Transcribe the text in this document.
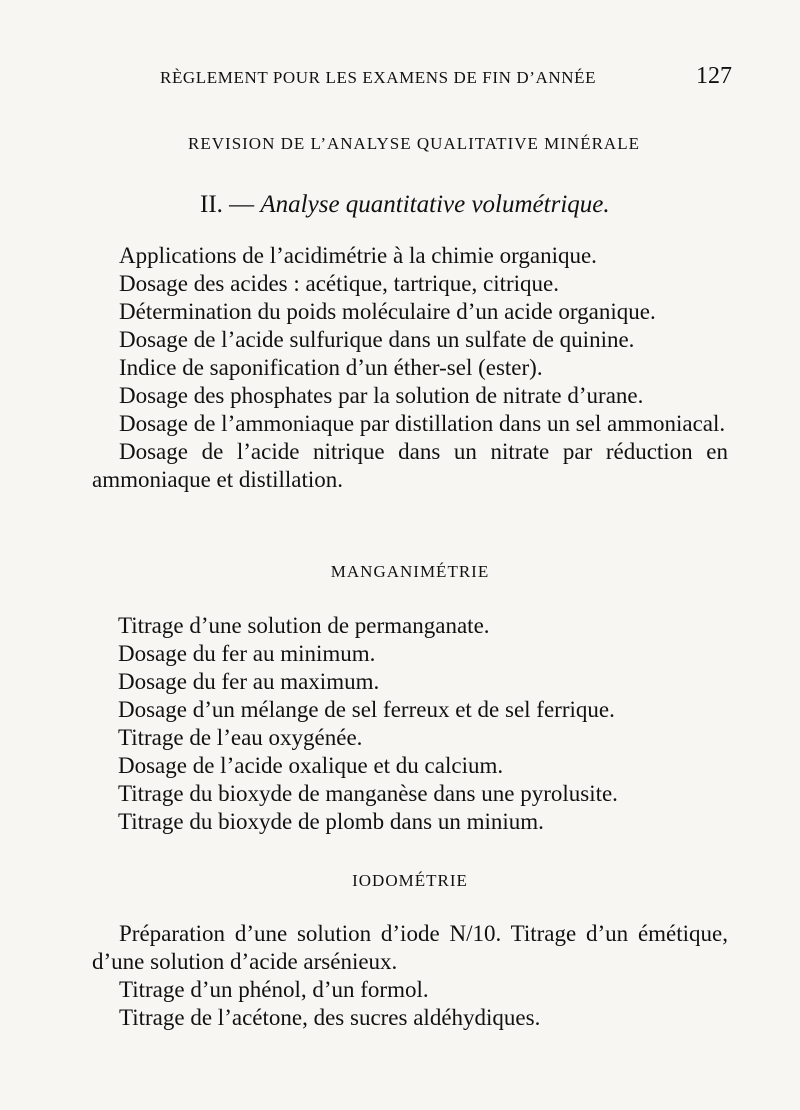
RÈGLEMENT POUR LES EXAMENS DE FIN D’ANNÉE	127
REVISION DE L’ANALYSE QUALITATIVE MINÉRALE
II. — Analyse quantitative volumétrique.

Applications de l’acidimétrie à la chimie organique.

Dosage des acides : acétique, tartrique, citrique.

Détermination du poids moléculaire d’un acide organique.

Dosage de l’acide sulfurique dans un sulfate de quinine.

Indice de saponification d’un éther-sel (ester).

Dosage des phosphates par la solution de nitrate d’urane.

Dosage de l’ammoniaque par distillation dans un sel ammoniacal.

Dosage de l’acide nitrique dans un nitrate par réduction en ammoniaque et distillation.

MANGANIMÉTRIE

Titrage d’une solution de permanganate.

Dosage du fer au minimum.

Dosage du fer au maximum.

Dosage d’un mélange de sel ferreux et de sel ferrique.

Titrage de l’eau oxygénée.

Dosage de l’acide oxalique et du calcium.

Titrage du bioxyde de manganèse dans une pyrolusite.

Titrage du bioxyde de plomb dans un minium.

IODOMÉTRIE

Préparation d’une solution d’iode N/10. Titrage d’un émétique, d’une solution d’acide arsénieux.

Titrage d’un phénol, d’un formol.

Titrage de l’acétone, des sucres aldéhydiques.
